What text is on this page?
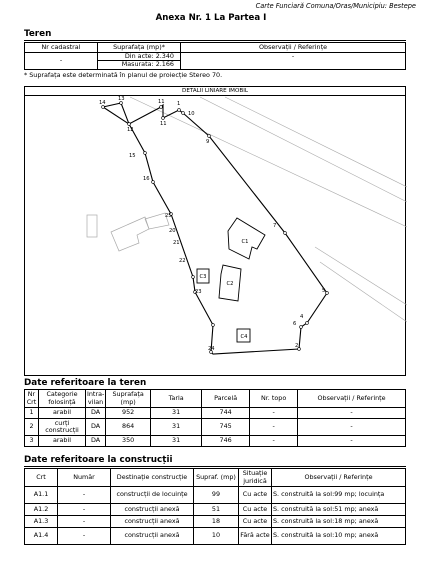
Carte Funciară Comuna/Oras/Municipiu: Bestepe
Anexa Nr. 1 La Partea I
Teren
Nr cadastral	Suprafața (mp)*	Observații / Referințe
-	Din acte: 2.340	-
	Masurata: 2.166	
* Suprafața este determinată în planul de proiecție Stereo 70.
DETALII LINIARE IMOBIL
C1
C2
C3
C4
14
13
12
11 1
11
10
9
15
16
25
20
21
22
23
7
5
4
6
24	2
Date referitoare la teren
Nr Crt	Categorie folosință	Intra-vilan	Suprafața (mp)	Tarla	Parcelă	Nr. topo	Observații / Referințe
1	arabil	DA	952	31	744	-	-
2	curți construcții	DA	864	31	745	-	-
3	arabil	DA	350	31	746	-	-
Date referitoare la construcții
Crt	Număr	Destinație construcție	Supraf. (mp)	Situație juridică	Observații / Referințe
A1.1	-	construcții de locuințe	99	Cu acte	S. construită la sol:99 mp; locuința
A1.2	-	construcții anexă	51	Cu acte	S. construită la sol:51 mp; anexă
A1.3	-	construcții anexă	18	Cu acte	S. construită la sol:18 mp; anexă
A1.4	-	construcții anexă	10	Fără acte	S. construită la sol:10 mp; anexă
